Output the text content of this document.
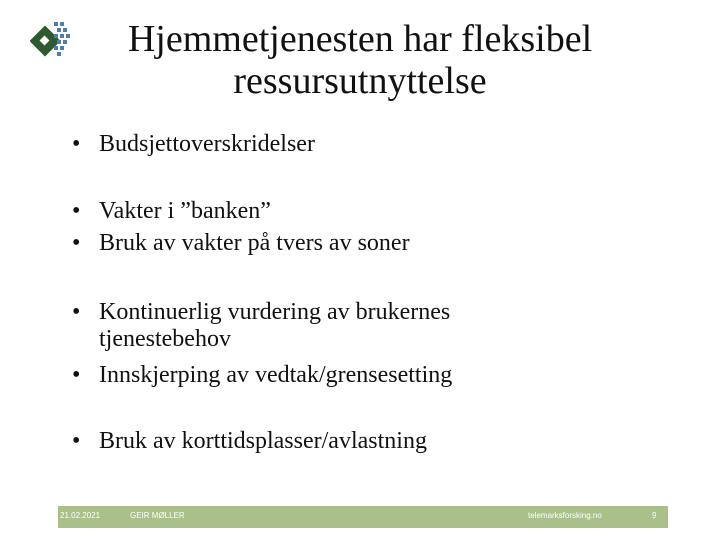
Hjemmetjenesten har fleksibel
ressursutnyttelse
• Budsjettoverskridelser
• Vakter i ”banken”
• Bruk av vakter på tvers av soner
• Kontinuerlig vurdering av brukernes tjenestebehov
• Innskjerping av vedtak/grensesetting
• Bruk av korttidsplasser/avlastning
21.02.2021	GEIR MØLLER	telemarksforsking.no	9
